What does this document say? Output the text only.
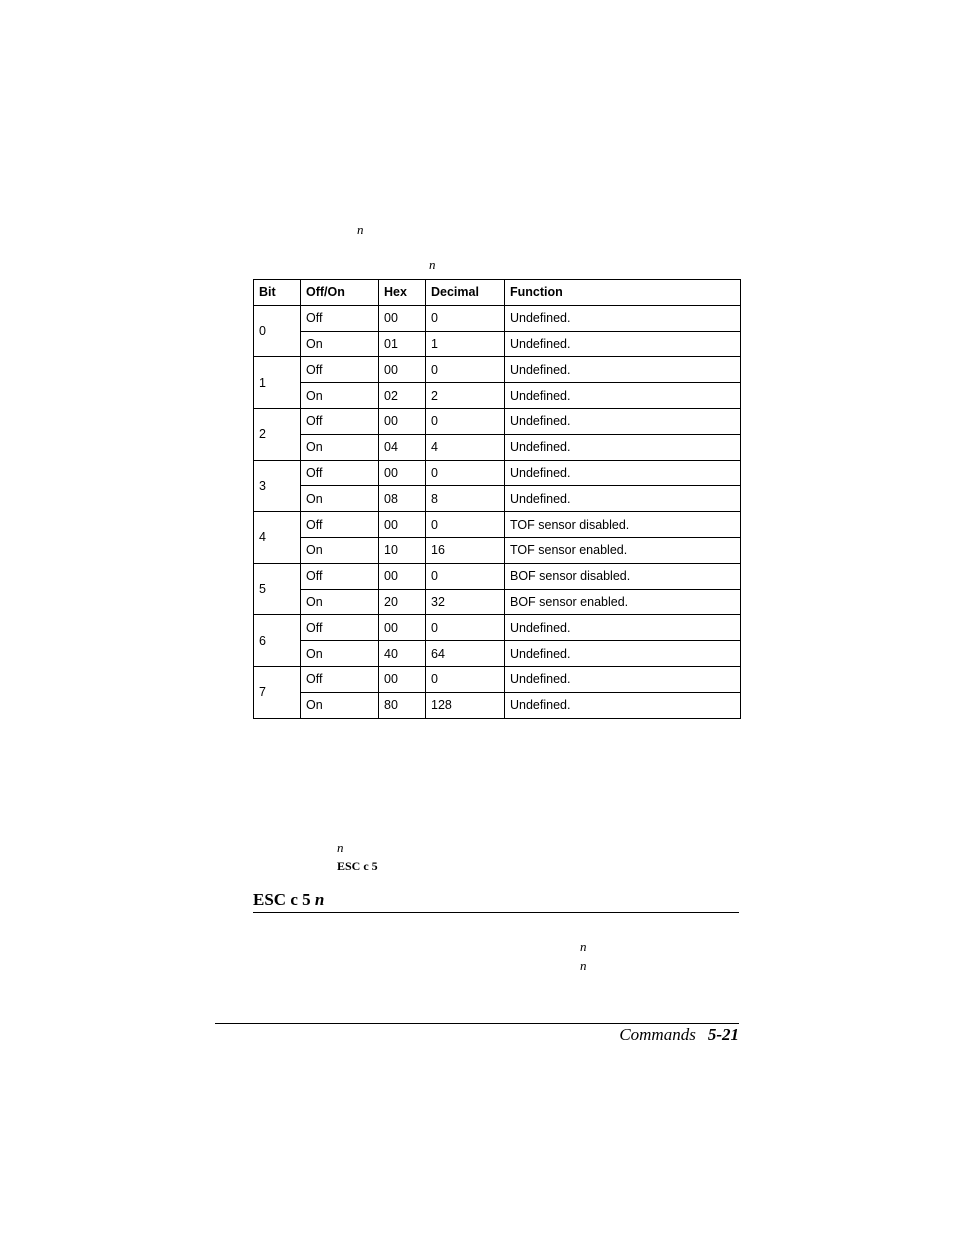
n
n
Bit	Off/On	Hex	Decimal	Function
0	Off	00	0	Undefined.
	On	01	1	Undefined.
1	Off	00	0	Undefined.
	On	02	2	Undefined.
2	Off	00	0	Undefined.
	On	04	4	Undefined.
3	Off	00	0	Undefined.
	On	08	8	Undefined.
4	Off	00	0	TOF sensor disabled.
	On	10	16	TOF sensor enabled.
5	Off	00	0	BOF sensor disabled.
	On	20	32	BOF sensor enabled.
6	Off	00	0	Undefined.
	On	40	64	Undefined.
7	Off	00	0	Undefined.
	On	80	128	Undefined.
n
ESC c 5
ESC c 5 n
n
n
Commands 5-21
